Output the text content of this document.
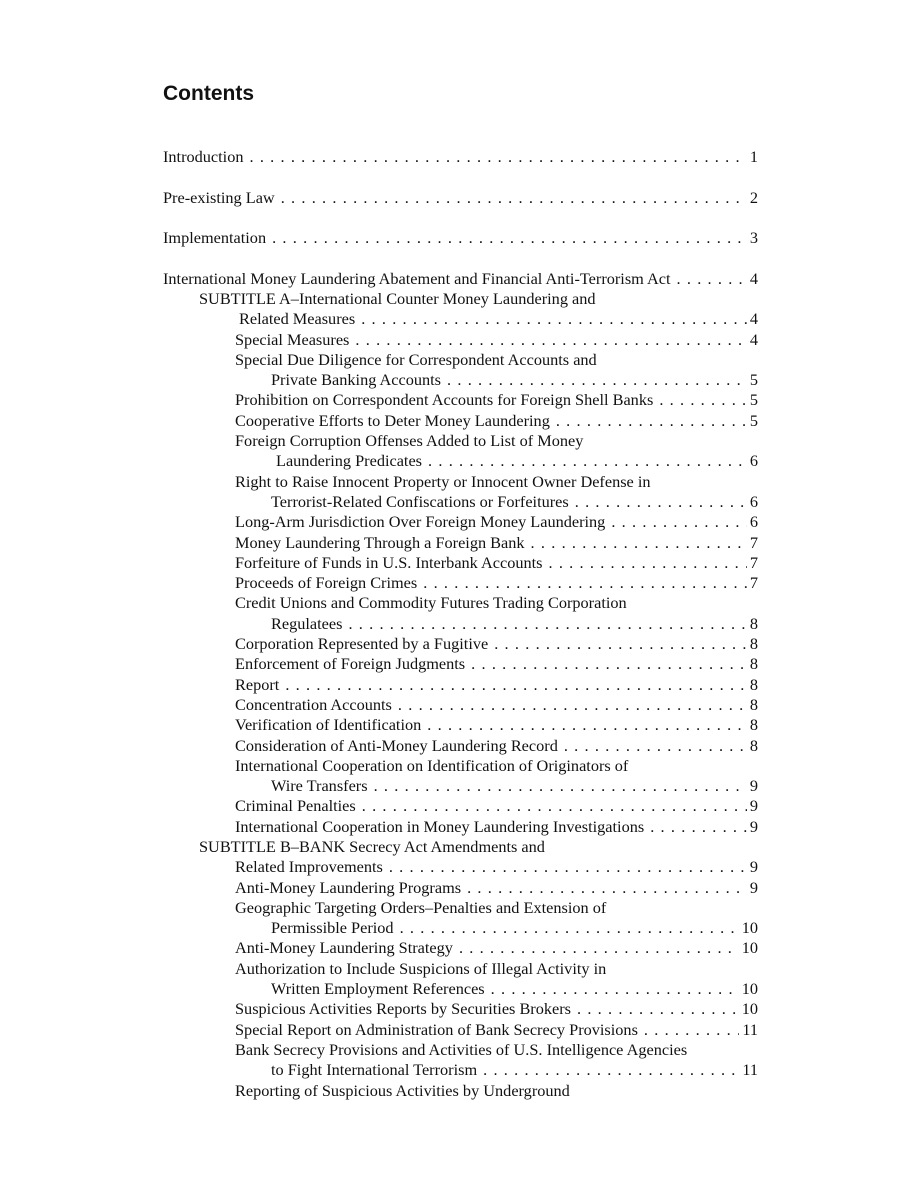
Contents
Introduction . . .	1
Pre-existing Law . . .	2
Implementation . . .	3
International Money Laundering Abatement and Financial Anti-Terrorism Act . . .	4
SUBTITLE A–International Counter Money Laundering and
Related Measures . . .	4
Special Measures . . .	4
Special Due Diligence for Correspondent Accounts and
Private Banking Accounts . . .	5
Prohibition on Correspondent Accounts for Foreign Shell Banks . . .	5
Cooperative Efforts to Deter Money Laundering . . .	5
Foreign Corruption Offenses Added to List of Money
Laundering Predicates . . .	6
Right to Raise Innocent Property or Innocent Owner Defense in
Terrorist-Related Confiscations or Forfeitures . . .	6
Long-Arm Jurisdiction Over Foreign Money Laundering . . .	6
Money Laundering Through a Foreign Bank . . .	7
Forfeiture of Funds in U.S. Interbank Accounts . . .	7
Proceeds of Foreign Crimes . . .	7
Credit Unions and Commodity Futures Trading Corporation
Regulatees . . .	8
Corporation Represented by a Fugitive . . .	8
Enforcement of Foreign Judgments . . .	8
Report . . .	8
Concentration Accounts . . .	8
Verification of Identification . . .	8
Consideration of Anti-Money Laundering Record . . .	8
International Cooperation on Identification of Originators of
Wire Transfers . . .	9
Criminal Penalties . . .	9
International Cooperation in Money Laundering Investigations . . .	9
SUBTITLE B–BANK Secrecy Act Amendments and
Related Improvements . . .	9
Anti-Money Laundering Programs . . .	9
Geographic Targeting Orders–Penalties and Extension of
Permissible Period . . .	10
Anti-Money Laundering Strategy . . .	10
Authorization to Include Suspicions of Illegal Activity in
Written Employment References . . .	10
Suspicious Activities Reports by Securities Brokers . . .	10
Special Report on Administration of Bank Secrecy Provisions . . .	11
Bank Secrecy Provisions and Activities of U.S. Intelligence Agencies
to Fight International Terrorism . . .	11
Reporting of Suspicious Activities by Underground
